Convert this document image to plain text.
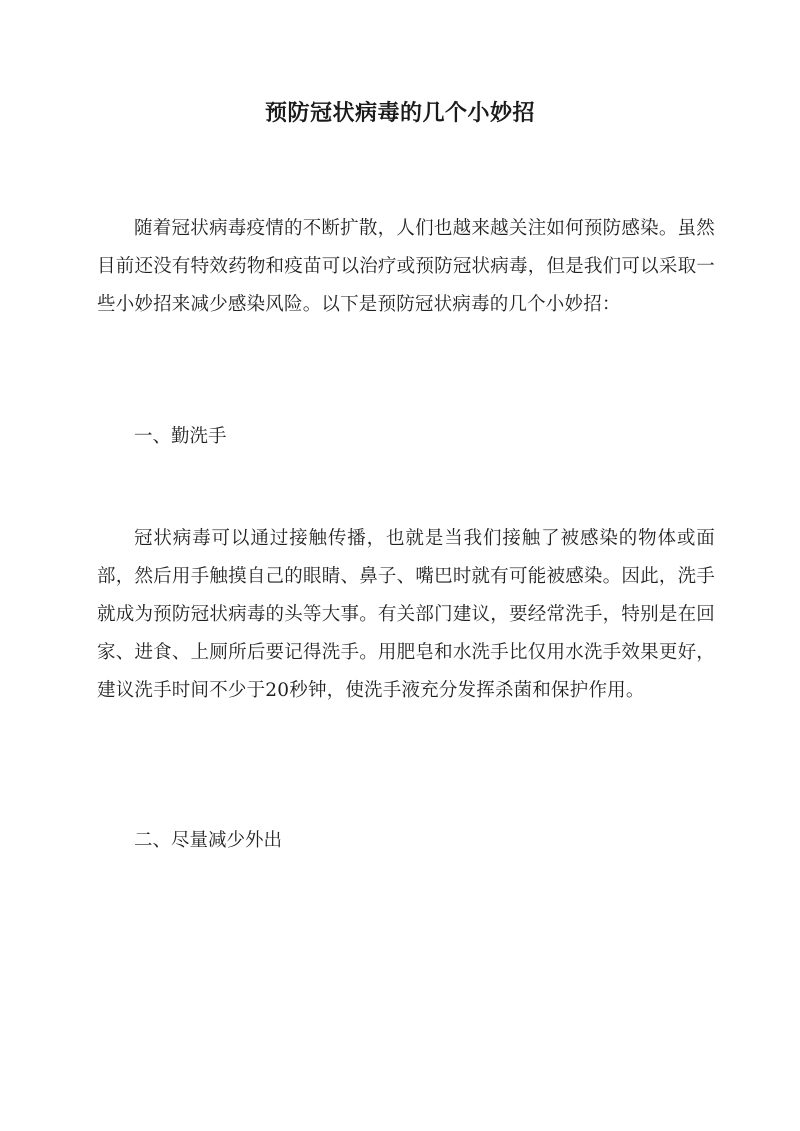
预防冠状病毒的几个小妙招

随着冠状病毒疫情的不断扩散，人们也越来越关注如何预防感染。虽然目前还没有特效药物和疫苗可以治疗或预防冠状病毒，但是我们可以采取一些小妙招来减少感染风险。以下是预防冠状病毒的几个小妙招：

一、勤洗手

冠状病毒可以通过接触传播，也就是当我们接触了被感染的物体或面部，然后用手触摸自己的眼睛、鼻子、嘴巴时就有可能被感染。因此，洗手就成为预防冠状病毒的头等大事。有关部门建议，要经常洗手，特别是在回家、进食、上厕所后要记得洗手。用肥皂和水洗手比仅用水洗手效果更好，建议洗手时间不少于20秒钟，使洗手液充分发挥杀菌和保护作用。

二、尽量减少外出
